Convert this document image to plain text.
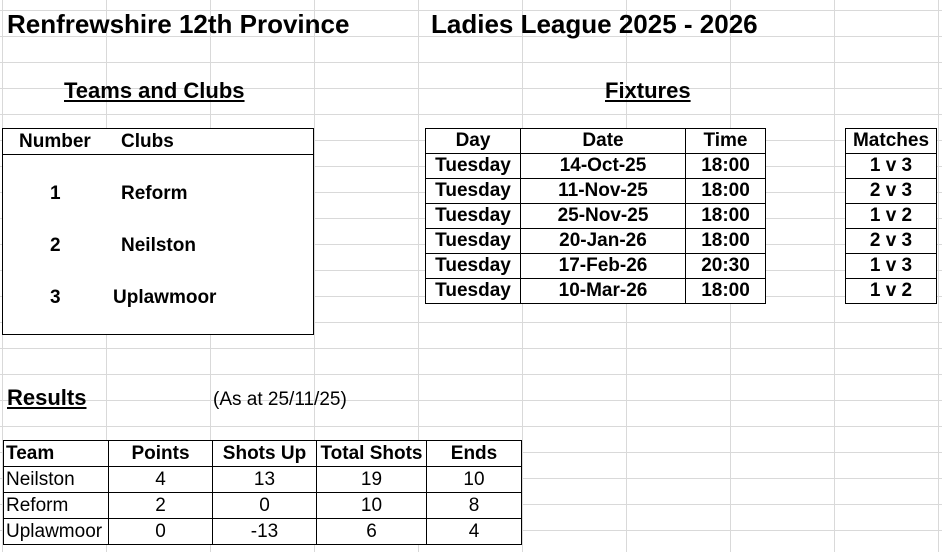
Renfrewshire 12th Province	Ladies League 2025 - 2026
Teams and Clubs
Number Clubs
1	Reform
2	Neilston
3	Uplawmoor
Fixtures
Day	Date	Time
Tuesday	14-Oct-25	18:00
Tuesday	11-Nov-25	18:00
Tuesday	25-Nov-25	18:00
Tuesday	20-Jan-26	18:00
Tuesday	17-Feb-26	20:30
Tuesday	10-Mar-26	18:00
Matches
1 v 3
2 v 3
1 v 2
2 v 3
1 v 3
1 v 2
Results	(As at 25/11/25)
Team	Points	Shots Up	Total Shots	Ends
Neilston	4	13	19	10
Reform	2	0	10	8
Uplawmoor	0	-13	6	4
